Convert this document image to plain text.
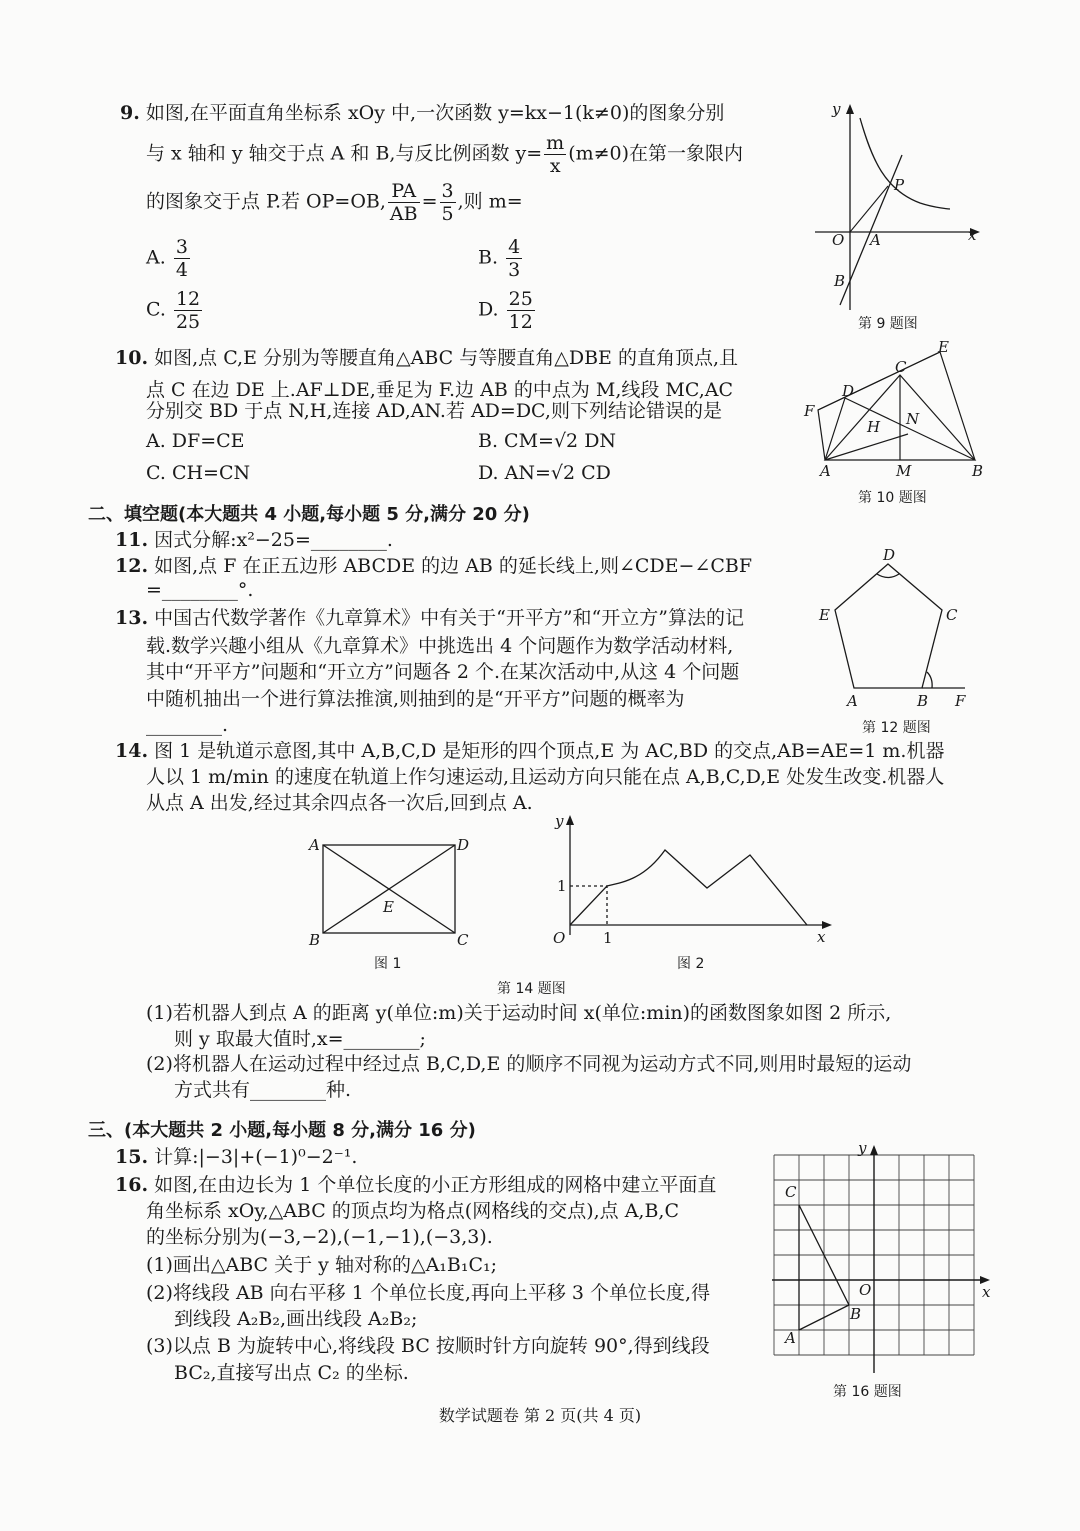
9. 如图,在平面直角坐标系 xOy 中,一次函数 y=kx−1(k≠0)的图象分别
与 x 轴和 y 轴交于点 A 和 B,与反比例函数 $y= \frac{m}{x} (m\ne 0)$在第一象限内
的图象交于点 P.若 OP=OB, $\frac{PA}{AB} = \frac{3}{5}$ ,则 m=
A. $\frac{3}{4}$	B. $\frac{4}{3}$
C. $\frac{12}{25}$	D. $\frac{25}{12}$
y
x
O A
B
P
第 9 题图
10. 如图,点 C,E 分别为等腰直角△ABC 与等腰直角△DBE 的直角顶点,且
点 C 在边 DE 上.AF⊥DE,垂足为 F.边 AB 的中点为 M,线段 MC,AC
分别交 BD 于点 N,H,连接 AD,AN.若 AD=DC,则下列结论错误的是
A. DF=CE	B. CM=√2 DN
C. CH=CN	D. AN=√2 CD	A	B
C
D
E
F
H
M
N
第 10 题图
二、填空题(本大题共 4 小题,每小题 5 分,满分 20 分)
11. 因式分解:x²−25=________.
12. 如图,点 F 在正五边形 ABCDE 的边 AB 的延长线上,则∠CDE−∠CBF
=________°.
13. 中国古代数学著作《九章算术》中有关于“开平方”和“开立方”算法的记
载.数学兴趣小组从《九章算术》中挑选出 4 个问题作为数学活动材料,
其中“开平方”问题和“开立方”问题各 2 个.在某次活动中,从这 4 个问题
中随机抽出一个进行算法推演,则抽到的是“开平方”问题的概率为
________.
D
C
E
A	B F
第 12 题图
14. 图 1 是轨道示意图,其中 A,B,C,D 是矩形的四个顶点,E 为 AC,BD 的交点,AB=AE=1 m.机器
人以 1 m/min 的速度在轨道上作匀速运动,且运动方向只能在点 A,B,C,D,E 处发生改变.机器人
从点 A 出发,经过其余四点各一次后,回到点 A.
A	D
B	C
E
图 1
y
x
O
1
1
图 2
第 14 题图
(1)若机器人到点 A 的距离 y(单位:m)关于运动时间 x(单位:min)的函数图象如图 2 所示,
则 y 取最大值时,x=________;
(2)将机器人在运动过程中经过点 B,C,D,E 的顺序不同视为运动方式不同,则用时最短的运动
方式共有________种.
三、(本大题共 2 小题,每小题 8 分,满分 16 分)
15. 计算:|−3|+(−1)⁰−2⁻¹.
16. 如图,在由边长为 1 个单位长度的小正方形组成的网格中建立平面直
角坐标系 xOy,△ABC 的顶点均为格点(网格线的交点),点 A,B,C
的坐标分别为(−3,−2),(−1,−1),(−3,3).
(1)画出△ABC 关于 y 轴对称的△A₁B₁C₁;
(2)将线段 AB 向右平移 1 个单位长度,再向上平移 3 个单位长度,得
到线段 A₂B₂,画出线段 A₂B₂;
(3)以点 B 为旋转中心,将线段 BC 按顺时针方向旋转 90°,得到线段
BC₂,直接写出点 C₂ 的坐标.
y
x
O
A
B
C
第 16 题图
数学试题卷 第 2 页(共 4 页)
